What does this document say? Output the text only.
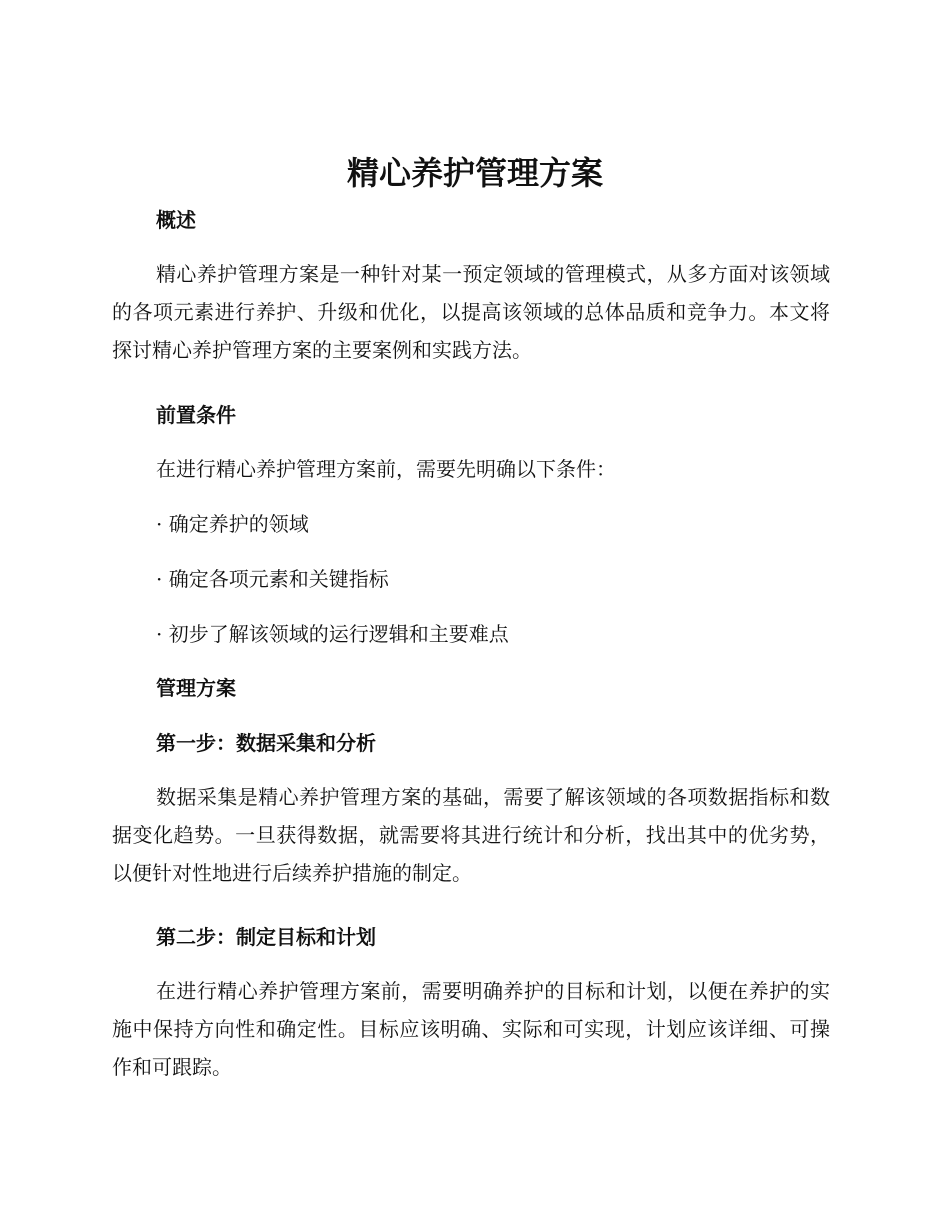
精心养护管理方案
概述

精心养护管理方案是一种针对某一预定领域的管理模式，从多方面对该领域的各项元素进行养护、升级和优化，以提高该领域的总体品质和竞争力。本文将探讨精心养护管理方案的主要案例和实践方法。

前置条件

在进行精心养护管理方案前，需要先明确以下条件：

· 确定养护的领域

· 确定各项元素和关键指标

· 初步了解该领域的运行逻辑和主要难点

管理方案
第一步：数据采集和分析

数据采集是精心养护管理方案的基础，需要了解该领域的各项数据指标和数据变化趋势。一旦获得数据，就需要将其进行统计和分析，找出其中的优劣势，以便针对性地进行后续养护措施的制定。

第二步：制定目标和计划

在进行精心养护管理方案前，需要明确养护的目标和计划，以便在养护的实施中保持方向性和确定性。目标应该明确、实际和可实现，计划应该详细、可操作和可跟踪。
